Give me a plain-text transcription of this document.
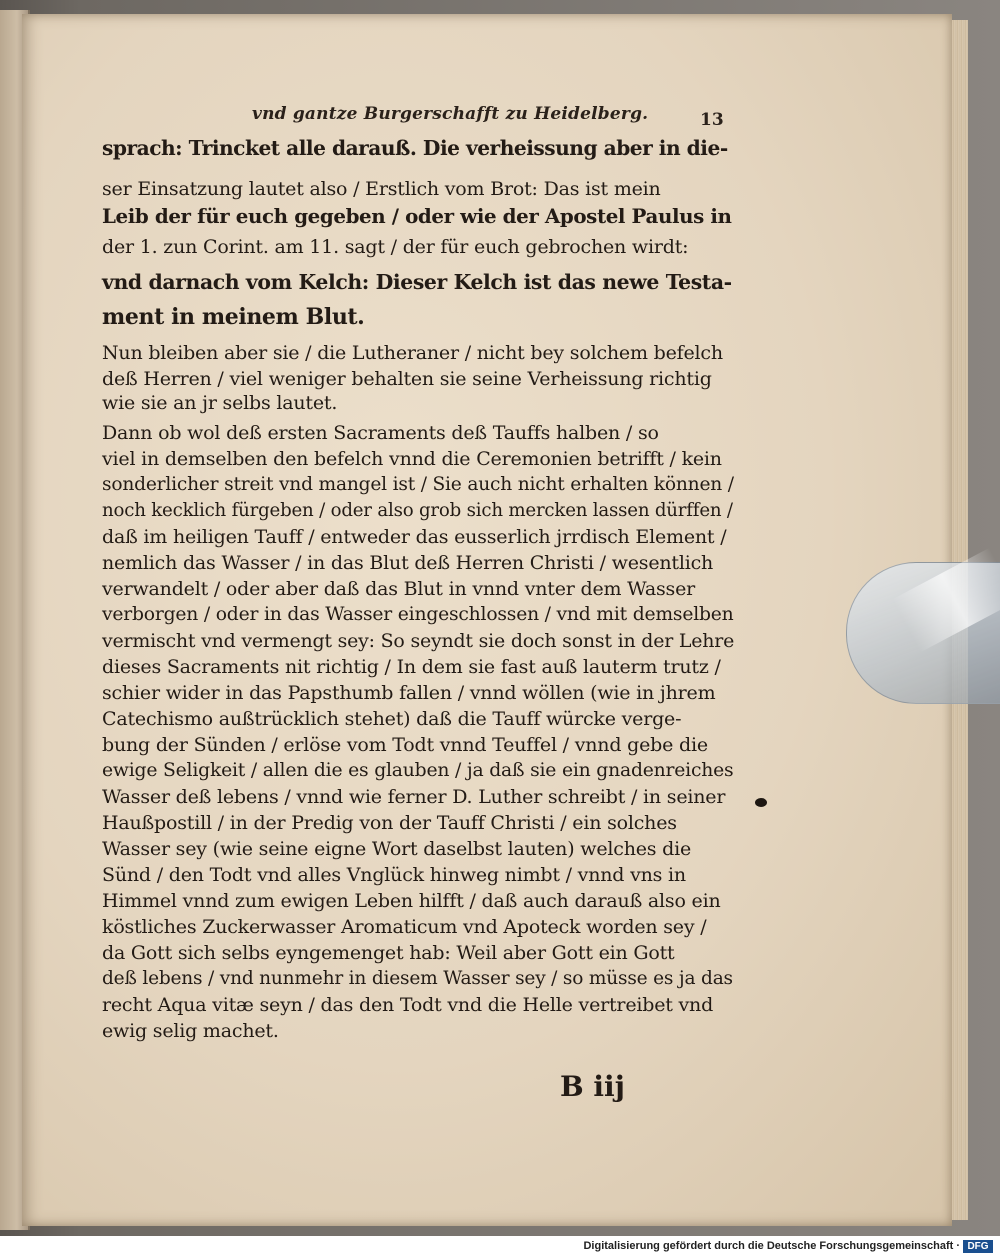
vnd gantze Burgerschafft zu Heidelberg.	13
sprach: Trincket alle darauß. Die verheissung aber in die-
ser Einsatzung lautet also / Erstlich vom Brot: Das ist mein
Leib der für euch gegeben / oder wie der Apostel Paulus in
der 1. zun Corint. am 11. sagt / der für euch gebrochen wirdt:
vnd darnach vom Kelch: Dieser Kelch ist das newe Testa-
ment in meinem Blut.
Nun bleiben aber sie / die Lutheraner / nicht bey solchem befelch
deß Herren / viel weniger behalten sie seine Verheissung richtig
wie sie an jr selbs lautet.
Dann ob wol deß ersten Sacraments deß Tauffs halben / so
viel in demselben den befelch vnnd die Ceremonien betrifft / kein
sonderlicher streit vnd mangel ist / Sie auch nicht erhalten können /
noch kecklich fürgeben / oder also grob sich mercken lassen dürffen /
daß im heiligen Tauff / entweder das eusserlich jrrdisch Element /
nemlich das Wasser / in das Blut deß Herren Christi / wesentlich
verwandelt / oder aber daß das Blut in vnnd vnter dem Wasser
verborgen / oder in das Wasser eingeschlossen / vnd mit demselben
vermischt vnd vermengt sey: So seyndt sie doch sonst in der Lehre
dieses Sacraments nit richtig / In dem sie fast auß lauterm trutz /
schier wider in das Papsthumb fallen / vnnd wöllen (wie in jhrem
Catechismo außtrücklich stehet) daß die Tauff würcke verge-
bung der Sünden / erlöse vom Todt vnnd Teuffel / vnnd gebe die
ewige Seligkeit / allen die es glauben / ja daß sie ein gnadenreiches
Wasser deß lebens / vnnd wie ferner D. Luther schreibt / in seiner
Haußpostill / in der Predig von der Tauff Christi / ein solches
Wasser sey (wie seine eigne Wort daselbst lauten) welches die
Sünd / den Todt vnd alles Vnglück hinweg nimbt / vnnd vns in
Himmel vnnd zum ewigen Leben hilfft / daß auch darauß also ein
köstliches Zuckerwasser Aromaticum vnd Apoteck worden sey /
da Gott sich selbs eyngemenget hab: Weil aber Gott ein Gott
deß lebens / vnd nunmehr in diesem Wasser sey / so müsse es ja das
recht Aqua vitæ seyn / das den Todt vnd die Helle vertreibet vnd
ewig selig machet.
B iij
Digitalisierung gefördert durch die Deutsche Forschungsgemeinschaft · DFG
